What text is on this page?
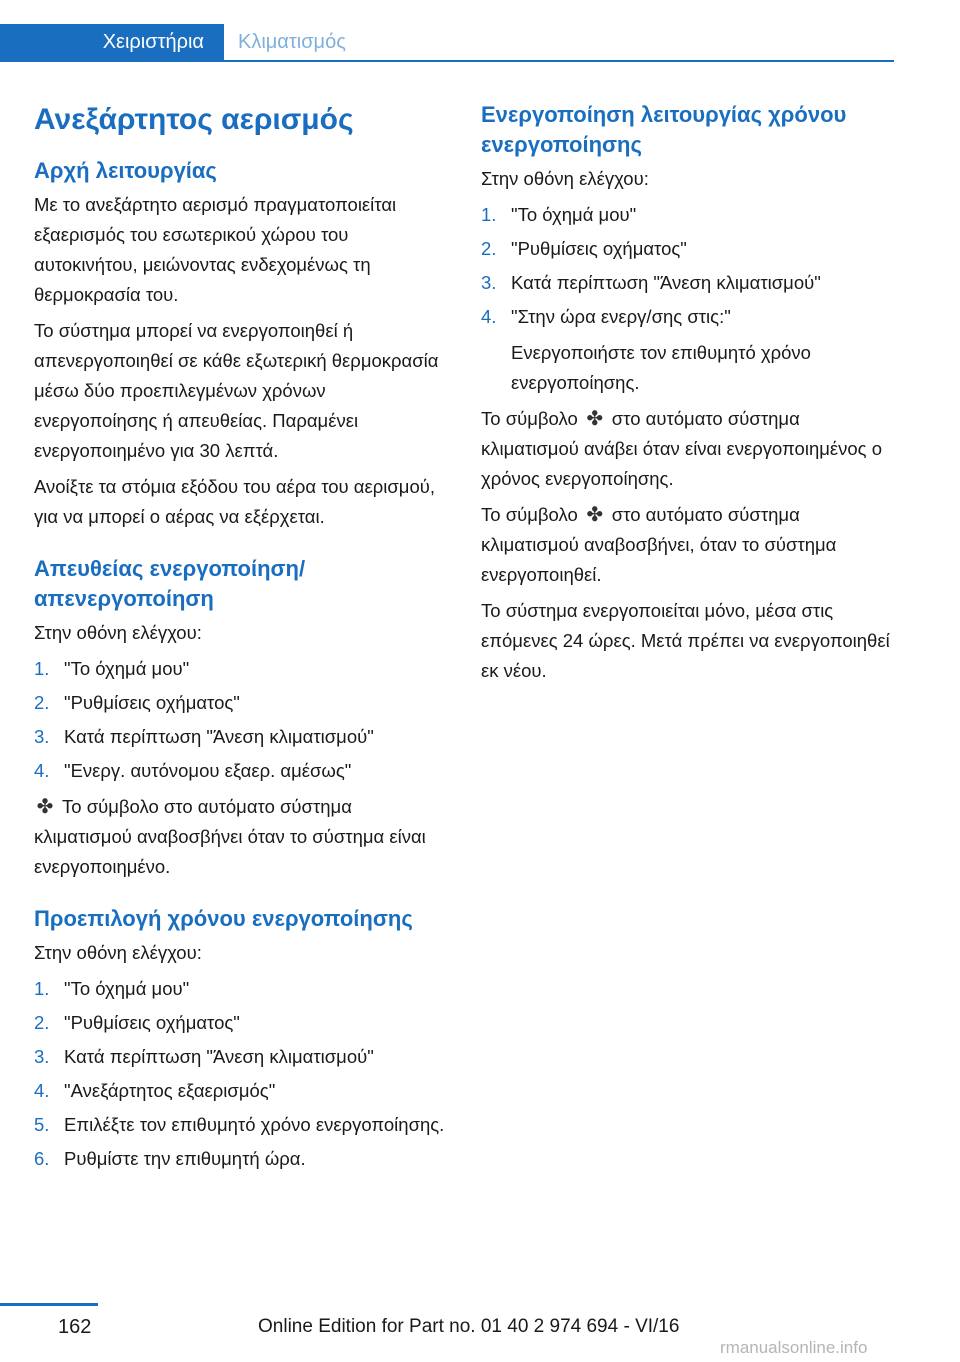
Χειριστήρια	Κλιματισμός
Ανεξάρτητος αερισμός
Αρχή λειτουργίας

Με το ανεξάρτητο αερισμό πραγματοποιείται εξαερισμός του εσωτερικού χώρου του αυτοκινήτου, μειώνοντας ενδεχομένως τη θερμοκρασία του.

Το σύστημα μπορεί να ενεργοποιηθεί ή απενεργοποιηθεί σε κάθε εξωτερική θερμοκρασία μέσω δύο προεπιλεγμένων χρόνων ενεργοποίησης ή απευθείας. Παραμένει ενεργοποιημένο για 30 λεπτά.

Ανοίξτε τα στόμια εξόδου του αέρα του αερισμού, για να μπορεί ο αέρας να εξέρχεται.

Απευθείας ενεργοποίηση/απενεργοποίηση

Στην οθόνη ελέγχου:

1. "Το όχημά μου"
2. "Ρυθμίσεις οχήματος"
3. Κατά περίπτωση "Άνεση κλιματισμού"
4. "Ενεργ. αυτόνομου εξαερ. αμέσως"

✤ Το σύμβολο στο αυτόματο σύστημα κλιματισμού αναβοσβήνει όταν το σύστημα είναι ενεργοποιημένο.

Προεπιλογή χρόνου ενεργοποίησης

Στην οθόνη ελέγχου:

1. "Το όχημά μου"
2. "Ρυθμίσεις οχήματος"
3. Κατά περίπτωση "Άνεση κλιματισμού"
4. "Ανεξάρτητος εξαερισμός"
5. Επιλέξτε τον επιθυμητό χρόνο ενεργοποίησης.
6. Ρυθμίστε την επιθυμητή ώρα.
Ενεργοποίηση λειτουργίας χρόνου ενεργοποίησης

Στην οθόνη ελέγχου:

1. "Το όχημά μου"
2. "Ρυθμίσεις οχήματος"
3. Κατά περίπτωση "Άνεση κλιματισμού"
4. "Στην ώρα ενεργ/σης στις:"

Ενεργοποιήστε τον επιθυμητό χρόνο ενεργοποίησης.

Το σύμβολο ✤ στο αυτόματο σύστημα κλιματισμού ανάβει όταν είναι ενεργοποιημένος ο χρόνος ενεργοποίησης.

Το σύμβολο ✤ στο αυτόματο σύστημα κλιματισμού αναβοσβήνει, όταν το σύστημα ενεργοποιηθεί.

Το σύστημα ενεργοποιείται μόνο, μέσα στις επόμενες 24 ώρες. Μετά πρέπει να ενεργοποιηθεί εκ νέου.

162	Online Edition for Part no. 01 40 2 974 694 - VI/16
rmanualsonline.info
